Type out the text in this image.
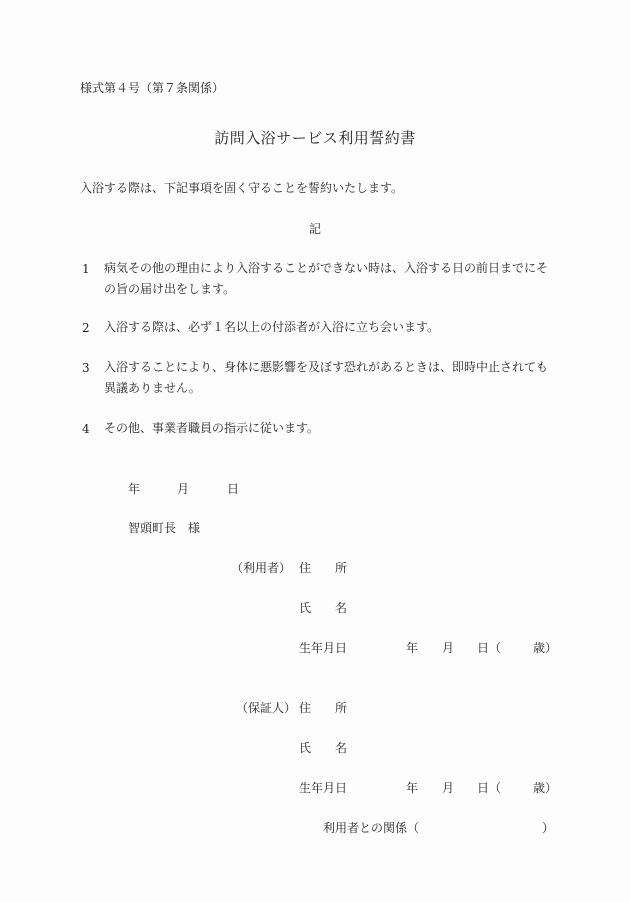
様式第４号（第７条関係）
訪問入浴サービス利用誓約書
入浴する際は、下記事項を固く守ることを誓約いたします。
記
1 病気その他の理由により入浴することができない時は、入浴する日の前日までにその旨の届け出をします。
2 入浴する際は、必ず１名以上の付添者が入浴に立ち会います。
3 入浴することにより、身体に悪影響を及ぼす恐れがあるときは、即時中止されても異議ありません。
4 その他、事業者職員の指示に従います。
年	月	日
智頭町長　様
（利用者） 住　　所
氏　　名
生年月日	年 月 日（	歳）
（保証人） 住　　所
氏　　名
生年月日	年 月 日（	歳）
利用者との関係（	）
